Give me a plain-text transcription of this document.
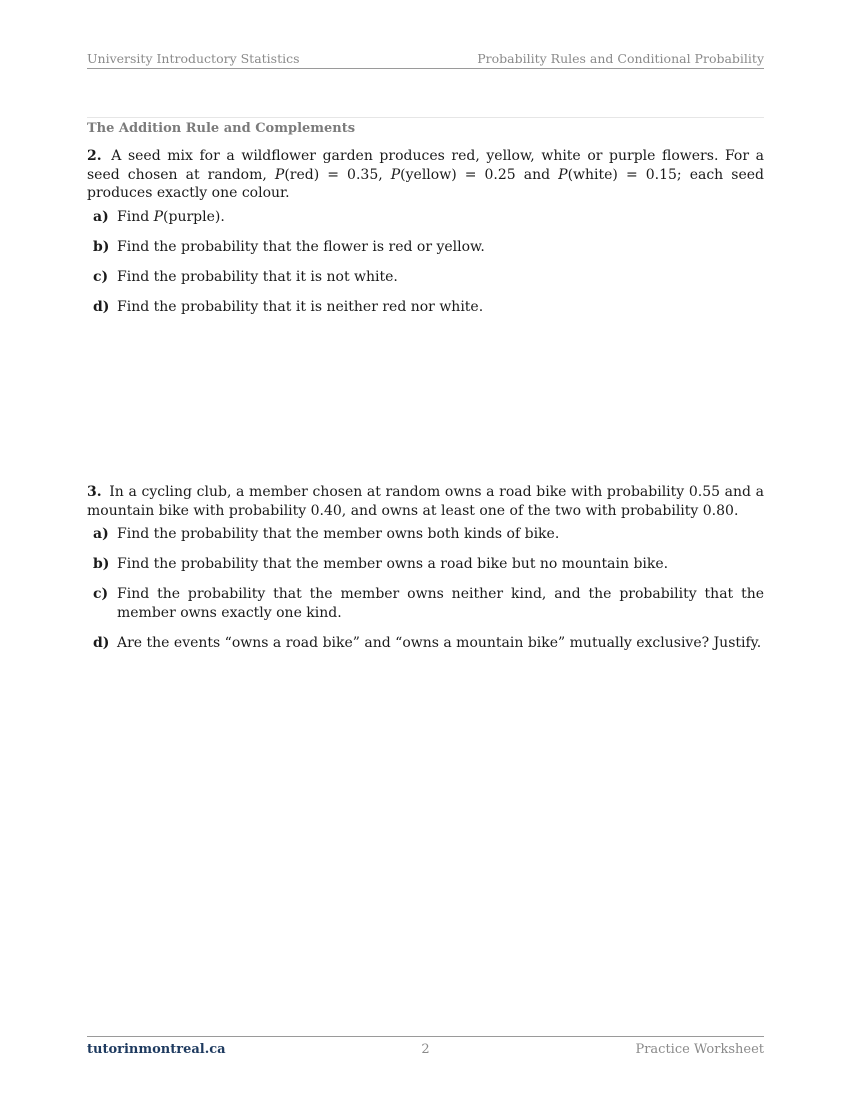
University Introductory Statistics	Probability Rules and Conditional Probability
The Addition Rule and Complements

2. A seed mix for a wildflower garden produces red, yellow, white or purple flowers. For a seed chosen at random, P(red) = 0.35, P(yellow) = 0.25 and P(white) = 0.15; each seed produces exactly one colour.

a) Find P(purple).
b) Find the probability that the flower is red or yellow.
c) Find the probability that it is not white.
d) Find the probability that it is neither red nor white.

3. In a cycling club, a member chosen at random owns a road bike with probability 0.55 and a mountain bike with probability 0.40, and owns at least one of the two with probability 0.80.

a) Find the probability that the member owns both kinds of bike.
b) Find the probability that the member owns a road bike but no mountain bike.
c) Find the probability that the member owns neither kind, and the probability that the member owns exactly one kind.
d) Are the events “owns a road bike” and “owns a mountain bike” mutually exclusive? Justify.
tutorinmontreal.ca	2	Practice Worksheet
